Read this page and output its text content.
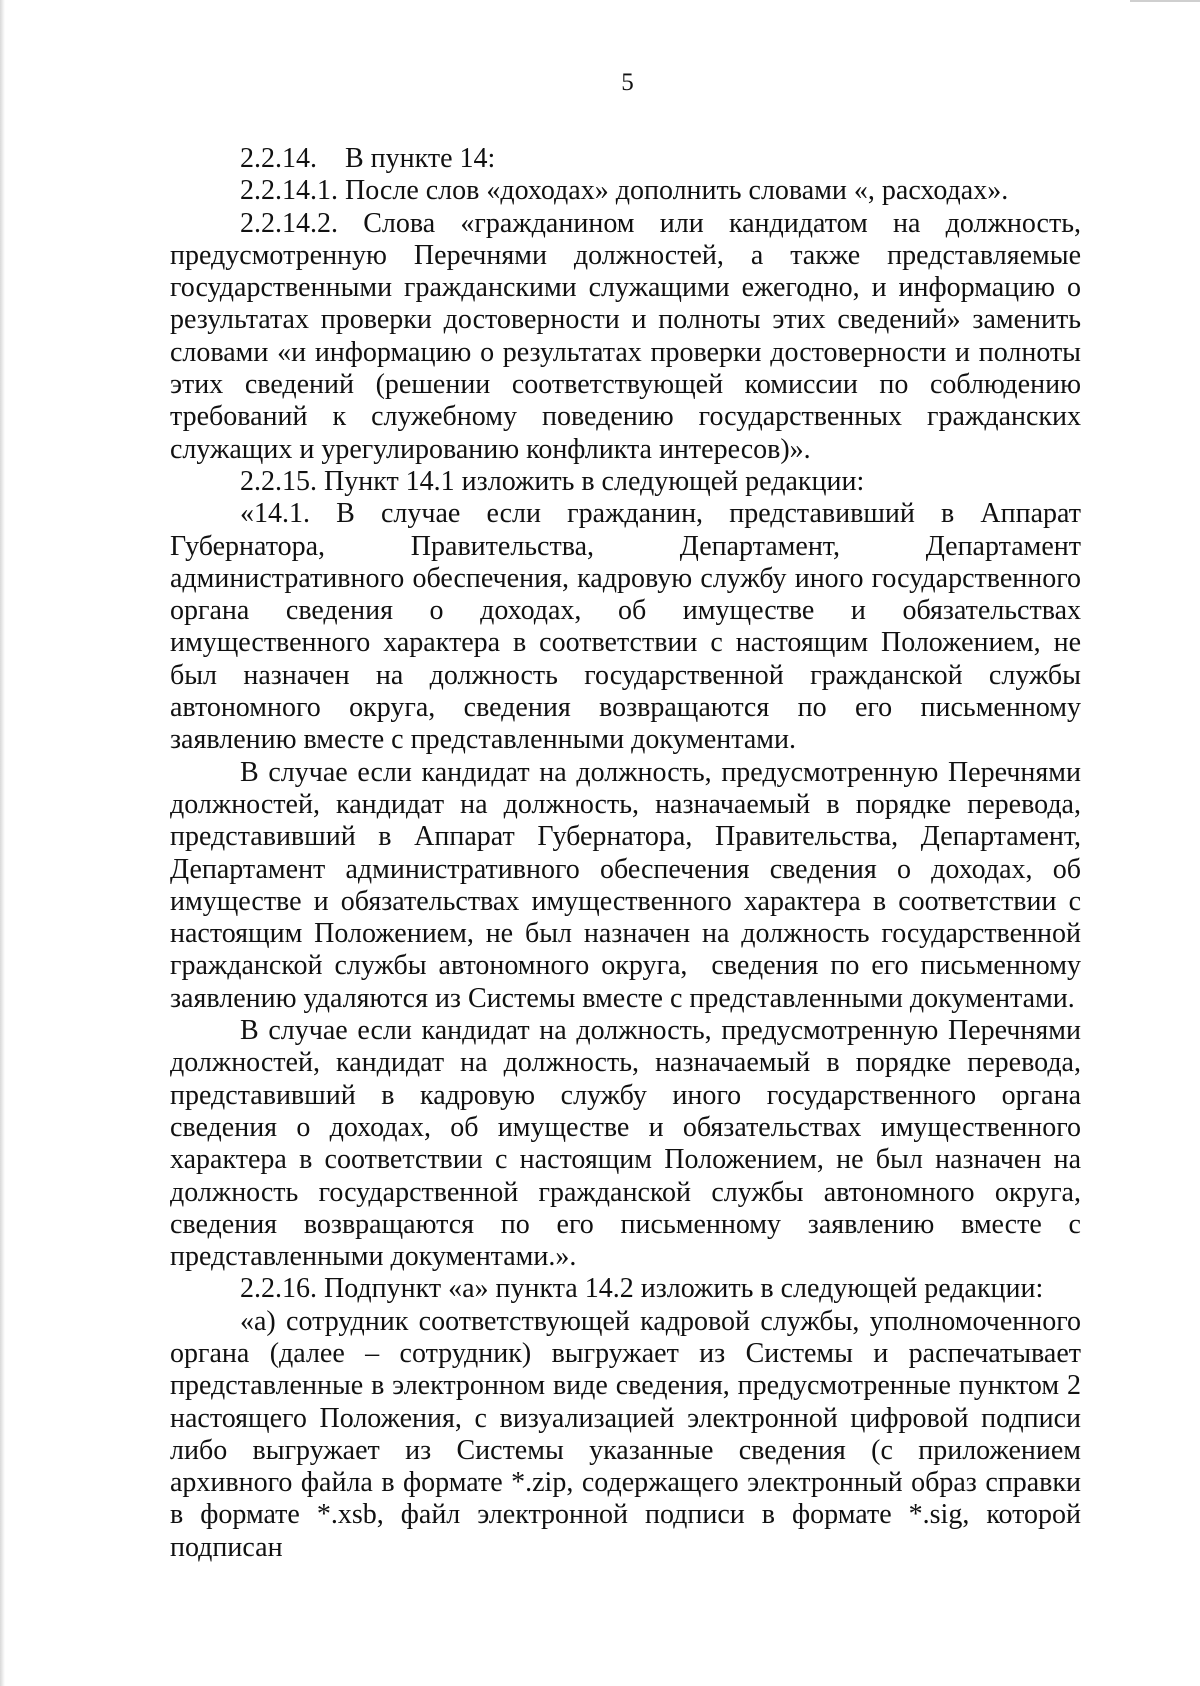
5

2.2.14.    В пункте 14:

2.2.14.1. После слов «доходах» дополнить словами «, расходах».

2.2.14.2. Слова «гражданином или кандидатом на должность, предусмотренную Перечнями должностей, а также представляемые государственными гражданскими служащими ежегодно, и информацию о результатах проверки достоверности и полноты этих сведений» заменить словами «и информацию о результатах проверки достоверности и полноты этих сведений (решении соответствующей комиссии по соблюдению требований к служебному поведению государственных гражданских служащих и урегулированию конфликта интересов)».

2.2.15. Пункт 14.1 изложить в следующей редакции:

«14.1. В случае если гражданин, представивший в Аппарат Губернатора, Правительства, Департамент, Департамент административного обеспечения, кадровую службу иного государственного органа сведения о доходах, об имуществе и обязательствах имущественного характера в соответствии с настоящим Положением, не был назначен на должность государственной гражданской службы автономного округа, сведения возвращаются по его письменному заявлению вместе с представленными документами.

В случае если кандидат на должность, предусмотренную Перечнями должностей, кандидат на должность, назначаемый в порядке перевода, представивший в Аппарат Губернатора, Правительства, Департамент, Департамент административного обеспечения сведения о доходах, об имуществе и обязательствах имущественного характера в соответствии с настоящим Положением, не был назначен на должность государственной гражданской службы автономного округа,  сведения по его письменному заявлению удаляются из Системы вместе с представленными документами.

В случае если кандидат на должность, предусмотренную Перечнями должностей, кандидат на должность, назначаемый в порядке перевода, представивший в кадровую службу иного государственного органа сведения о доходах, об имуществе и обязательствах имущественного характера в соответствии с настоящим Положением, не был назначен на должность государственной гражданской службы автономного округа, сведения возвращаются по его письменному заявлению вместе с представленными документами.».

2.2.16. Подпункт «а» пункта 14.2 изложить в следующей редакции:

«а) сотрудник соответствующей кадровой службы, уполномоченного органа (далее – сотрудник) выгружает из Системы и распечатывает представленные в электронном виде сведения, предусмотренные пунктом 2 настоящего Положения, с визуализацией электронной цифровой подписи либо выгружает из Системы указанные сведения (с приложением архивного файла в формате *.zip, содержащего электронный образ справки в формате *.xsb, файл электронной подписи в формате *.sig, которой подписан
